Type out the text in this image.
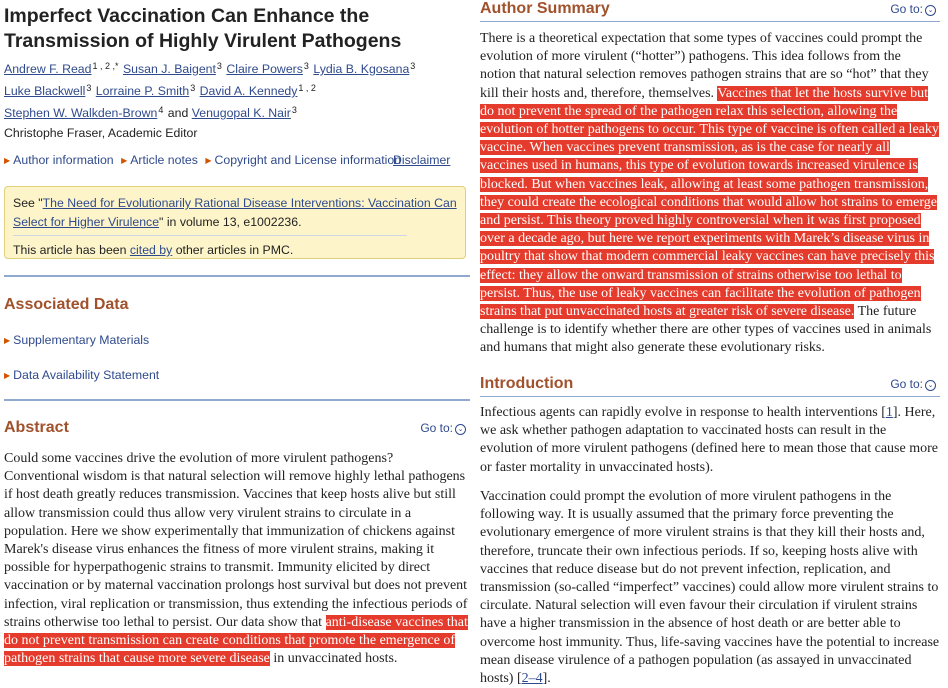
Imperfect Vaccination Can Enhance the Transmission of Highly Virulent Pathogens
Andrew F. Read$^{1 , 2 ,*}$ Susan J. Baigent$^3$ Claire Powers$^3$ Lydia B. Kgosana$^3$
Luke Blackwell$^3$ Lorraine P. Smith$^3$ David A. Kennedy$^{1 , 2}$
Stephen W. Walkden-Brown$^4$ and Venugopal K. Nair$^3$
Christophe Fraser, Academic Editor
▶ Author information ▶ Article notes ▶ Copyright and License information
Disclaimer
See "The Need for Evolutionarily Rational Disease Interventions: Vaccination Can Select for Higher Virulence" in volume 13, e1002236.
This article has been cited by other articles in PMC.
Associated Data
▶ Supplementary Materials
▶ Data Availability Statement
Abstract	Go to: ⌄

Could some vaccines drive the evolution of more virulent pathogens? Conventional wisdom is that natural selection will remove highly lethal pathogens if host death greatly reduces transmission. Vaccines that keep hosts alive but still allow transmission could thus allow very virulent strains to circulate in a population. Here we show experimentally that immunization of chickens against Marek's disease virus enhances the fitness of more virulent strains, making it possible for hyperpathogenic strains to transmit. Immunity elicited by direct vaccination or by maternal vaccination prolongs host survival but does not prevent infection, viral replication or transmission, thus extending the infectious periods of strains otherwise too lethal to persist. Our data show that anti-disease vaccines that do not prevent transmission can create conditions that promote the emergence of pathogen strains that cause more severe disease in unvaccinated hosts.

Author Summary	Go to: ⌄

There is a theoretical expectation that some types of vaccines could prompt the evolution of more virulent (“hotter”) pathogens. This idea follows from the notion that natural selection removes pathogen strains that are so “hot” that they kill their hosts and, therefore, themselves. Vaccines that let the hosts survive but do not prevent the spread of the pathogen relax this selection, allowing the evolution of hotter pathogens to occur. This type of vaccine is often called a leaky vaccine. When vaccines prevent transmission, as is the case for nearly all vaccines used in humans, this type of evolution towards increased virulence is blocked. But when vaccines leak, allowing at least some pathogen transmission, they could create the ecological conditions that would allow hot strains to emerge and persist. This theory proved highly controversial when it was first proposed over a decade ago, but here we report experiments with Marek’s disease virus in poultry that show that modern commercial leaky vaccines can have precisely this effect: they allow the onward transmission of strains otherwise too lethal to persist. Thus, the use of leaky vaccines can facilitate the evolution of pathogen strains that put unvaccinated hosts at greater risk of severe disease. The future challenge is to identify whether there are other types of vaccines used in animals and humans that might also generate these evolutionary risks.

Introduction	Go to: ⌄

Infectious agents can rapidly evolve in response to health interventions [1]. Here, we ask whether pathogen adaptation to vaccinated hosts can result in the evolution of more virulent pathogens (defined here to mean those that cause more or faster mortality in unvaccinated hosts).

Vaccination could prompt the evolution of more virulent pathogens in the following way. It is usually assumed that the primary force preventing the evolutionary emergence of more virulent strains is that they kill their hosts and, therefore, truncate their own infectious periods. If so, keeping hosts alive with vaccines that reduce disease but do not prevent infection, replication, and transmission (so-called “imperfect” vaccines) could allow more virulent strains to circulate. Natural selection will even favour their circulation if virulent strains have a higher transmission in the absence of host death or are better able to overcome host immunity. Thus, life-saving vaccines have the potential to increase mean disease virulence of a pathogen population (as assayed in unvaccinated hosts) [2–4].
